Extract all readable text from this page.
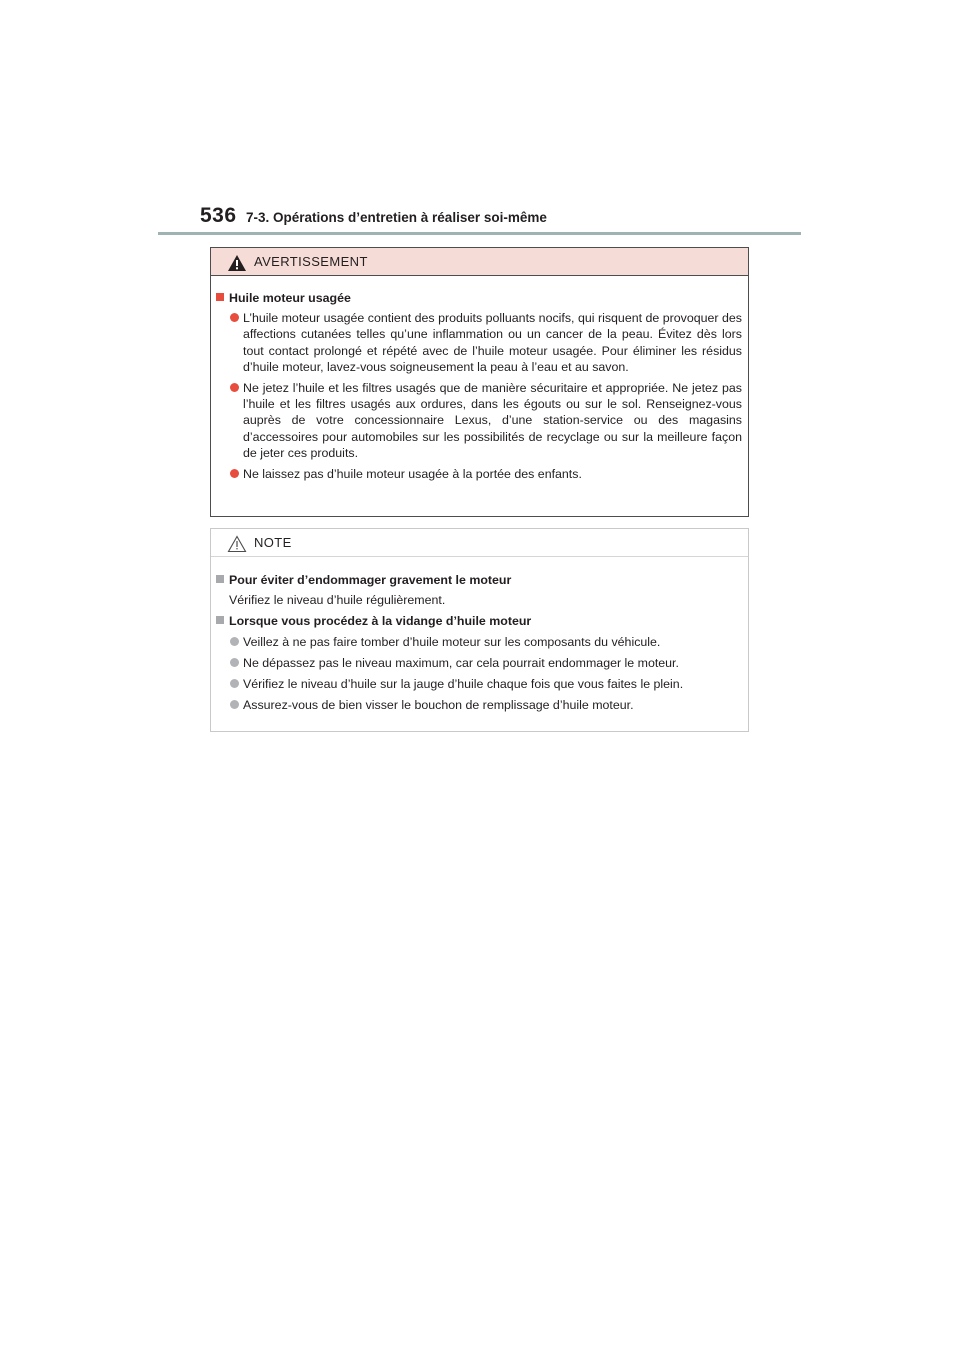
536 7-3. Opérations d’entretien à réaliser soi-même
AVERTISSEMENT
Huile moteur usagée
L’huile moteur usagée contient des produits polluants nocifs, qui risquent de provoquer des affections cutanées telles qu’une inflammation ou un cancer de la peau. Évitez dès lors tout contact prolongé et répété avec de l’huile moteur usagée. Pour éliminer les résidus d’huile moteur, lavez-vous soigneusement la peau à l’eau et au savon.
Ne jetez l’huile et les filtres usagés que de manière sécuritaire et appropriée. Ne jetez pas l’huile et les filtres usagés aux ordures, dans les égouts ou sur le sol. Renseignez-vous auprès de votre concessionnaire Lexus, d’une station-service ou des magasins d’accessoires pour automobiles sur les possibilités de recyclage ou sur la meilleure façon de jeter ces produits.
Ne laissez pas d’huile moteur usagée à la portée des enfants.
NOTE
Pour éviter d’endommager gravement le moteur
Vérifiez le niveau d’huile régulièrement.
Lorsque vous procédez à la vidange d’huile moteur
Veillez à ne pas faire tomber d’huile moteur sur les composants du véhicule.
Ne dépassez pas le niveau maximum, car cela pourrait endommager le moteur.
Vérifiez le niveau d’huile sur la jauge d’huile chaque fois que vous faites le plein.
Assurez-vous de bien visser le bouchon de remplissage d’huile moteur.
